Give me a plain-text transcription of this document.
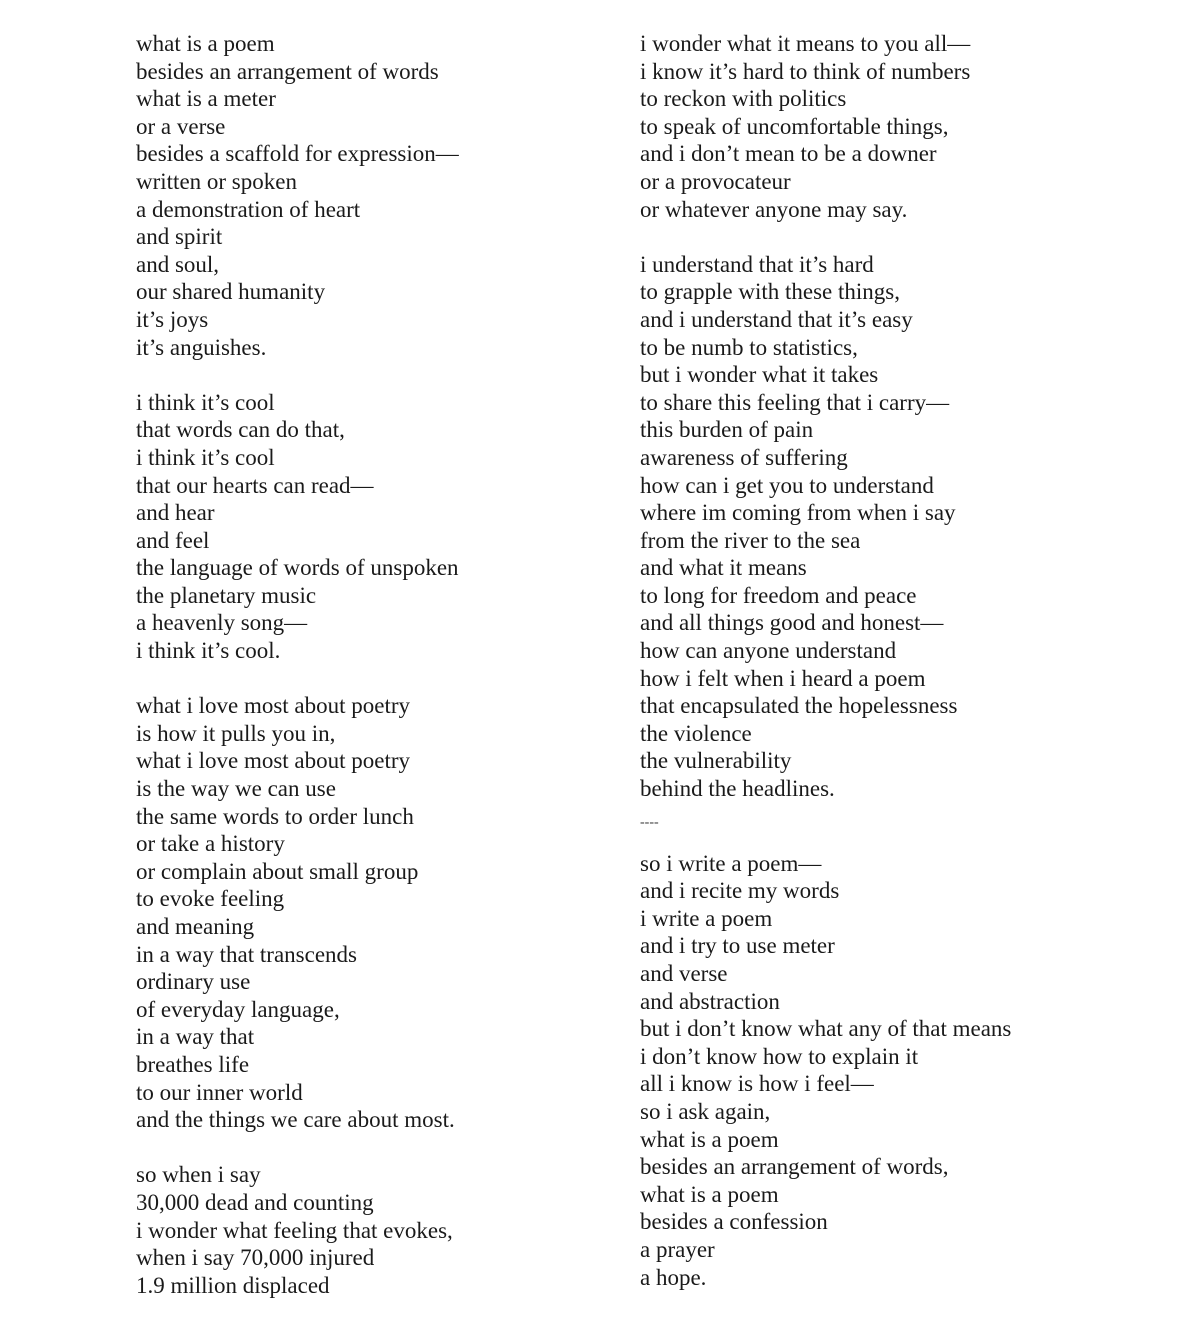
what is a poem
besides an arrangement of words
what is a meter
or a verse
besides a scaffold for expression—
written or spoken
a demonstration of heart
and spirit
and soul,
our shared humanity
it’s joys
it’s anguishes.
i think it’s cool
that words can do that,
i think it’s cool
that our hearts can read—
and hear
and feel
the language of words of unspoken
the planetary music
a heavenly song—
i think it’s cool.
what i love most about poetry
is how it pulls you in,
what i love most about poetry
is the way we can use
the same words to order lunch
or take a history
or complain about small group
to evoke feeling
and meaning
in a way that transcends
ordinary use
of everyday language,
in a way that
breathes life
to our inner world
and the things we care about most.
so when i say
30,000 dead and counting
i wonder what feeling that evokes,
when i say 70,000 injured
1.9 million displaced
i wonder what it means to you all—
i know it’s hard to think of numbers
to reckon with politics
to speak of uncomfortable things,
and i don’t mean to be a downer
or a provocateur
or whatever anyone may say.
i understand that it’s hard
to grapple with these things,
and i understand that it’s easy
to be numb to statistics,
but i wonder what it takes
to share this feeling that i carry—
this burden of pain
awareness of suffering
how can i get you to understand
where im coming from when i say
from the river to the sea
and what it means
to long for freedom and peace
and all things good and honest—
how can anyone understand
how i felt when i heard a poem
that encapsulated the hopelessness
the violence
the vulnerability
behind the headlines.
----
so i write a poem—
and i recite my words
i write a poem
and i try to use meter
and verse
and abstraction
but i don’t know what any of that means
i don’t know how to explain it
all i know is how i feel—
so i ask again,
what is a poem
besides an arrangement of words,
what is a poem
besides a confession
a prayer
a hope.
